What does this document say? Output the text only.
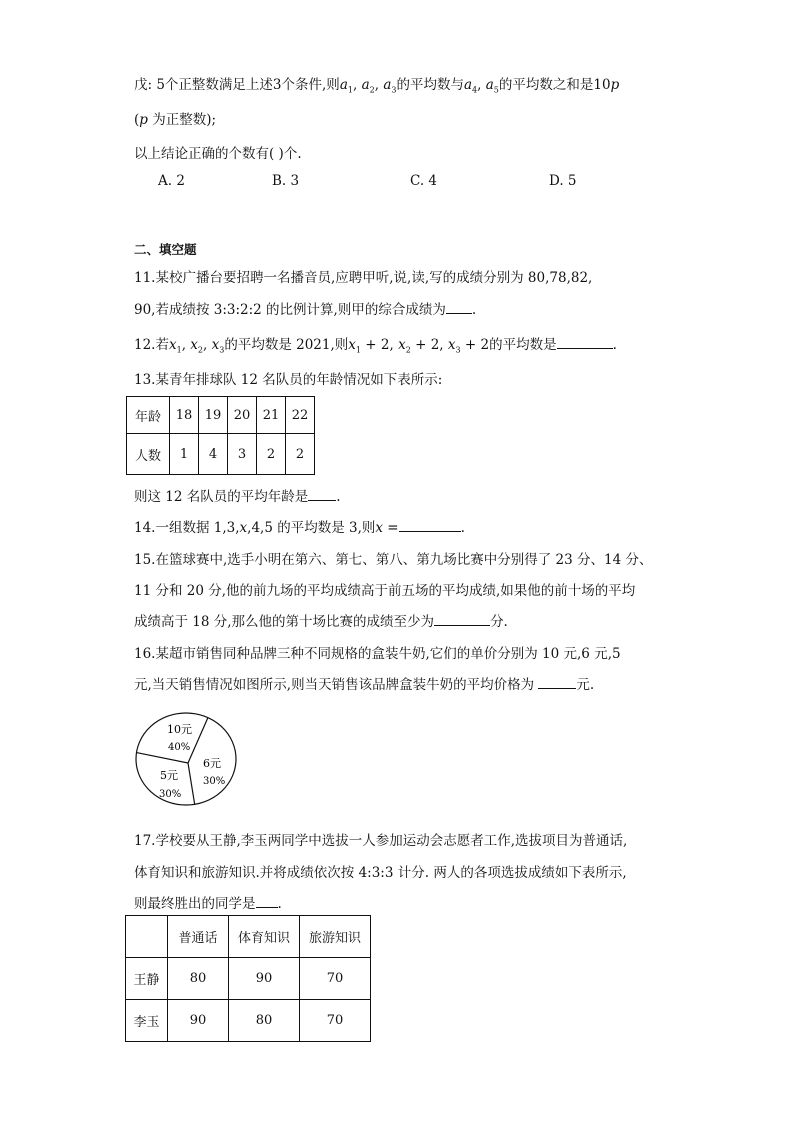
戊: 5个正整数满足上述3个条件,则$a_1$, $a_2$, $a_3$的平均数与$a_4$, $a_5$的平均数之和是10p
(p 为正整数);
以上结论正确的个数有( )个.
A. 2	B. 3	C. 4	D. 5
二、填空题
11.某校广播台要招聘一名播音员,应聘甲听,说,读,写的成绩分别为 80,78,82,
90,若成绩按 3:3:2:2 的比例计算,则甲的综合成绩为 .
12.若$x_1$, $x_2$, $x_3$的平均数是 2021,则$x_1 + 2$, $x_2 + 2$, $x_3 + 2$的平均数是	.
13.某青年排球队 12 名队员的年龄情况如下表所示:
年龄	18	19	20	21	22
人数	1	4	3	2	2
则这 12 名队员的平均年龄是 .
14.一组数据 1,3,x,4,5 的平均数是 3,则x =	.
15.在篮球赛中,选手小明在第六、第七、第八、第九场比赛中分别得了 23 分、14 分、
11 分和 20 分,他的前九场的平均成绩高于前五场的平均成绩,如果他的前十场的平均
成绩高于 18 分,那么他的第十场比赛的成绩至少为	分.
16.某超市销售同种品牌三种不同规格的盒装牛奶,它们的单价分别为 10 元,6 元,5
元,当天销售情况如图所示,则当天销售该品牌盒装牛奶的平均价格为	元.
10元
40%
6元
30%
5元
30%
17.学校要从王静,李玉两同学中选拔一人参加运动会志愿者工作,选拔项目为普通话,
体育知识和旅游知识.并将成绩依次按 4:3:3 计分. 两人的各项选拔成绩如下表所示,
则最终胜出的同学是 .
	普通话	体育知识	旅游知识
王静	80	90	70
李玉	90	80	70
